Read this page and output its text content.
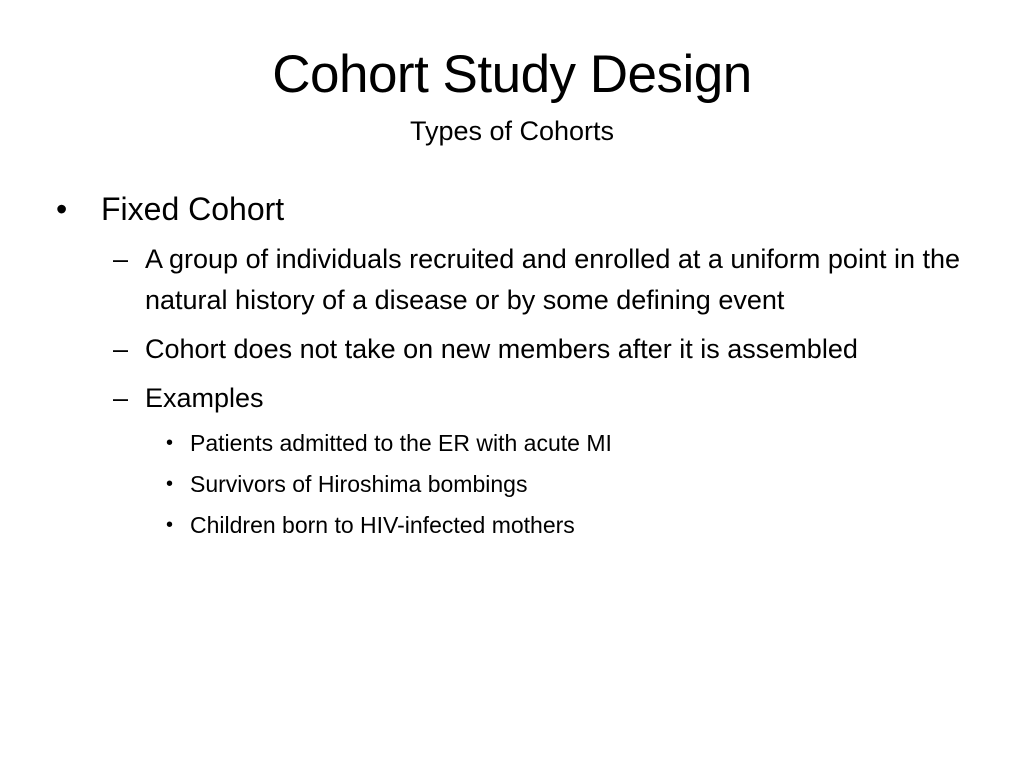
Cohort Study Design
Types of Cohorts
•	Fixed Cohort
– A group of individuals recruited and enrolled at a uniform point in the natural history of a disease or by some defining event
– Cohort does not take on new members after it is assembled
– Examples
• Patients admitted to the ER with acute MI
• Survivors of Hiroshima bombings
• Children born to HIV-infected mothers
